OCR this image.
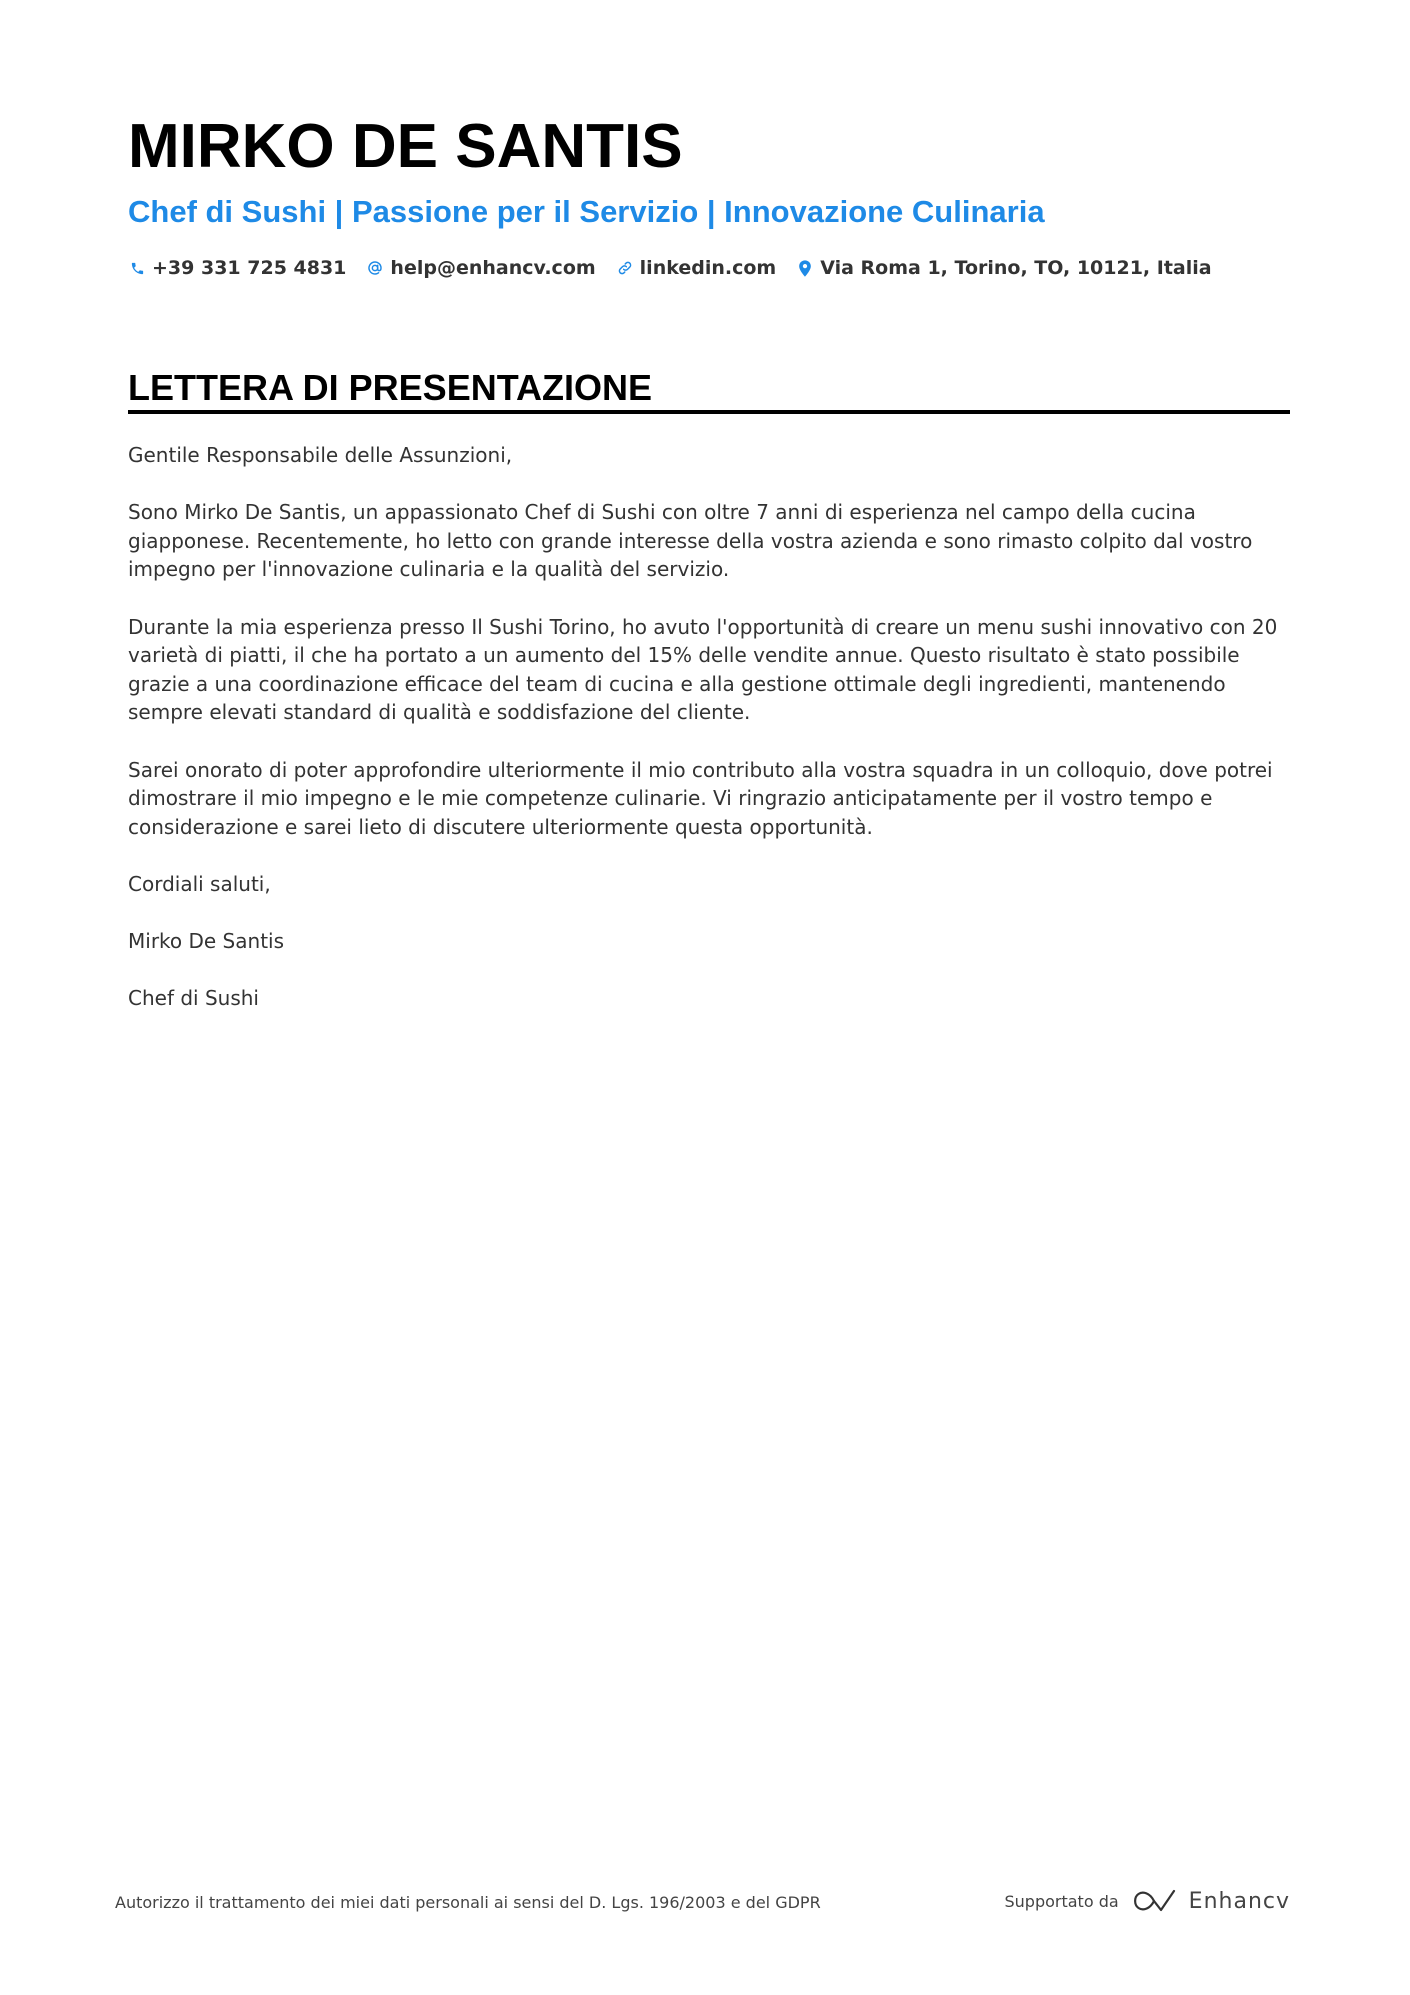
MIRKO DE SANTIS
Chef di Sushi | Passione per il Servizio | Innovazione Culinaria
+39 331 725 4831 help@enhancv.com linkedin.com Via Roma 1, Torino, TO, 10121, Italia
LETTERA DI PRESENTAZIONE

Gentile Responsabile delle Assunzioni,

Sono Mirko De Santis, un appassionato Chef di Sushi con oltre 7 anni di esperienza nel campo della cucina giapponese. Recentemente, ho letto con grande interesse della vostra azienda e sono rimasto colpito dal vostro impegno per l'innovazione culinaria e la qualità del servizio.

Durante la mia esperienza presso Il Sushi Torino, ho avuto l'opportunità di creare un menu sushi innovativo con 20 varietà di piatti, il che ha portato a un aumento del 15% delle vendite annue. Questo risultato è stato possibile grazie a una coordinazione efficace del team di cucina e alla gestione ottimale degli ingredienti, mantenendo sempre elevati standard di qualità e soddisfazione del cliente.

Sarei onorato di poter approfondire ulteriormente il mio contributo alla vostra squadra in un colloquio, dove potrei dimostrare il mio impegno e le mie competenze culinarie. Vi ringrazio anticipatamente per il vostro tempo e considerazione e sarei lieto di discutere ulteriormente questa opportunità.

Cordiali saluti,

Mirko De Santis

Chef di Sushi

Autorizzo il trattamento dei miei dati personali ai sensi del D. Lgs. 196/2003 e del GDPR	Supportato da	Enhancv
